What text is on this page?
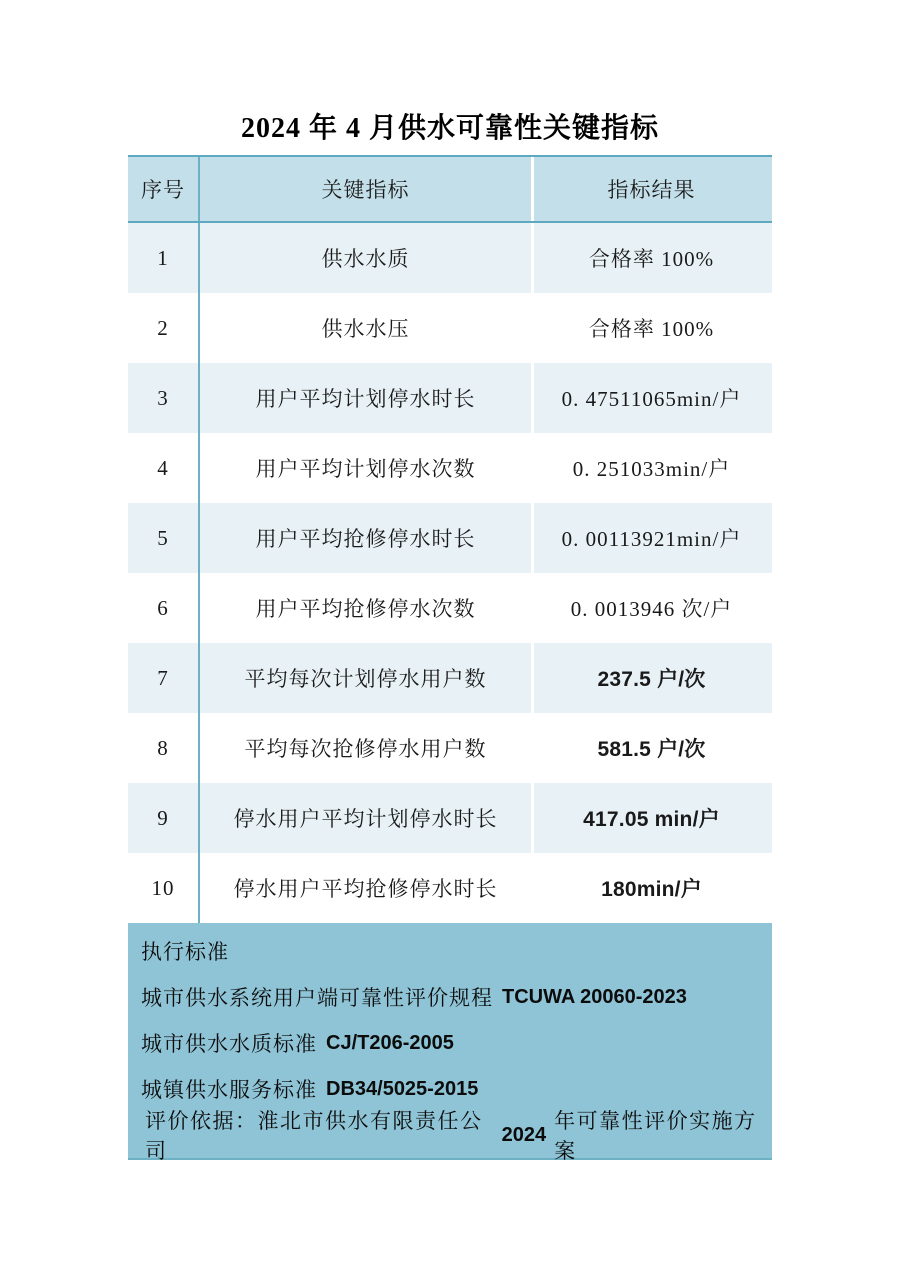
2024 年 4 月供水可靠性关键指标
序号	关键指标	指标结果
1	供水水质	合格率 100%
2	供水水压	合格率 100%
3	用户平均计划停水时长	0. 47511065min/户
4	用户平均计划停水次数	0. 251033min/户
5	用户平均抢修停水时长	0. 00113921min/户
6	用户平均抢修停水次数	0. 0013946 次/户
7	平均每次计划停水用户数	237.5 户/次
8	平均每次抢修停水用户数	581.5 户/次
9	停水用户平均计划停水时长	417.05 min/户
10	停水用户平均抢修停水时长	180min/户
执行标准
城市供水系统用户端可靠性评价规程 TCUWA 20060-2023
城市供水水质标准 CJ/T206-2005
城镇供水服务标准 DB34/5025-2015
评价依据：淮北市供水有限责任公司
2024
年可靠性评价实施方案
